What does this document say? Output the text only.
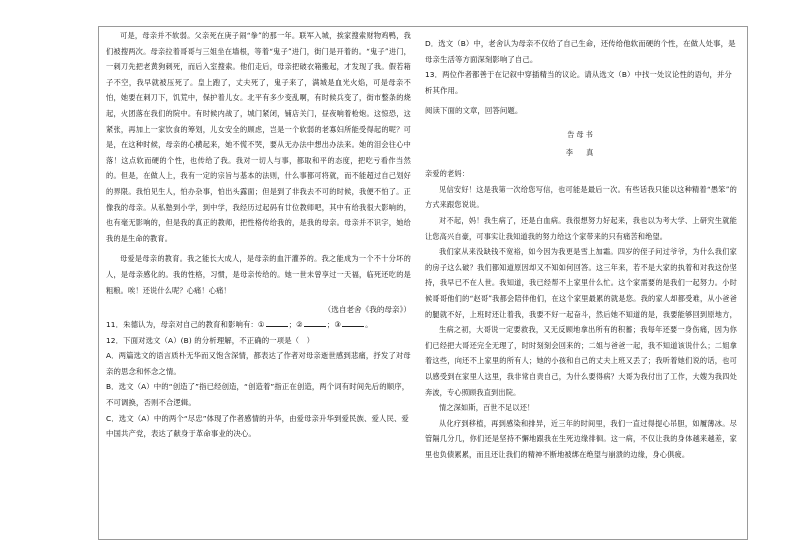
可是，母亲并不软弱。父亲死在庚子闹“拳”的那一年。联军入城，挨家搜索财物鸡鸭，我们被搜两次。母亲拉着哥哥与三姐坐在墙根，等着“鬼子”进门，街门是开着的。“鬼子”进门，一刺刀先把老黄狗刺死，而后入室搜索。他们走后，母亲把破衣箱搬起，才发现了我。假若箱子不空，我早就被压死了。皇上跑了，丈夫死了，鬼子来了，满城是血光火焰，可是母亲不怕，她要在刺刀下，饥荒中，保护着儿女。北平有多少变乱啊，有时候兵变了，街市整条的烧起，火团落在我们的院中。有时候内战了，城门紧闭，铺店关门，昼夜响着枪炮。这惊恐，这紧张，再加上一家饮食的筹划，儿女安全的顾虑，岂是一个软弱的老寡妇所能受得起的呢？可是，在这种时候，母亲的心横起来，她不慌不哭，要从无办法中想出办法来。她的泪会往心中落！这点软而硬的个性，也传给了我。我对一切人与事，都取和平的态度，把吃亏看作当然的。但是，在做人上，我有一定的宗旨与基本的法则，什么事都可将就，而不能超过自己划好的界限。我怕见生人，怕办杂事，怕出头露面；但是到了非我去不可的时候，我便不怕了。正像我的母亲。从私塾到小学，到中学，我经历过起码有廿位教师吧，其中有给我很大影响的，也有毫无影响的，但是我的真正的教师，把性格传给我的，是我的母亲。母亲并不识字，她给我的是生命的教育。

母爱是母亲的教育。我之能长大成人，是母亲的血汗灌养的。我之能成为一个不十分坏的人，是母亲感化的。我的性格，习惯，是母亲传给的。她一世未曾享过一天福，临死还吃的是粗粮。唉！还说什么呢？心痛！心痛！

（选自老舍《我的母亲》）

11．朱德认为，母亲对自己的教育和影响有：①	；②	；③	。

12．下面对选文（A）(B) 的分析理解，不正确的一项是（　）

A．两篇选文的语言质朴无华而又饱含深情，都表达了作者对母亲逝世感到悲痛，抒发了对母亲的思念和怀念之情。

B．选文（A）中的“创造了”指已经创造，“创造着”指正在创造，两个词有时间先后的顺序，不可调换，否则不合逻辑。

C．选文（A）中的两个“尽忠”体现了作者感情的升华，由爱母亲升华到爱民族、爱人民、爱中国共产党，表达了献身于革命事业的决心。

D．选文（B）中，老舍认为母亲不仅给了自己生命，还传给他软而硬的个性，在做人处事，是母亲生活等方面深刻影响了自己。

13．两位作者都善于在记叙中穿插精当的议论。请从选文（B）中找一处议论性的语句，并分析其作用。

阅读下面的文章，回答问题。

告母书

李　真

亲爱的老妈：

见信安好！这是我第一次给您写信，也可能是最后一次。有些话我只能以这种精着“愚笨”的方式来跟您说说。

对不起，妈！我生病了，还是白血病。我很想努力好起来，我也以为考大学、上研究生就能让您高兴自豪，可事实让我知道我的努力给这个家带来的只有痛苦和绝望。

我们家从来没缺钱不宽裕，如今因为我更是雪上加霜。四岁的侄子问过爷爷，为什么我们家的房子这么破？我们都知道原因却又不知如何回答。这三年来，若不是大家的执着和对我这份坚持，我早已不在人世。我知道，我已经帮不上家里什么忙。这个家需要的是我们一起努力。小时候哥哥他们的“赵哥”我都会陪伴他们，在这个家里最累的就是您。我的家人却都受难，从小爸爸的腿就不好，上班时还让着我，我要不好一起奋斗，然后她不知道的是，我要能够回到原地方，

生病之初，大哥说一定要救我，又无反顾地拿出所有的积蓄；我每年还要一身伤痛，因为你们已经把大哥还完全无理了，时时刻刻会回来的；二姐与爸爸一起，我不知道该说什么；二姐拿着这些，向还不上家里的所有人；她的小孩和自己的丈夫上班又丢了；我听着她们说的话，也可以感受到在家里人这里，我非常自责自己，为什么要得病？大哥为我付出了工作，大嫂为我四处奔波，专心照顾我直到出院。

情之深如斯，百世不足以还！

从化疗到移植，再到感染和排异，近三年的时间里，我们一直过得提心吊胆，如履薄冰。尽管隔几分几，你们还是坚持不懈地跟我在生死边缘徘徊。这一病，不仅让我的身体越来越差，家里也负债累累，而且还让我们的精神不断地被绑在绝望与崩溃的边缘，身心俱疲。
